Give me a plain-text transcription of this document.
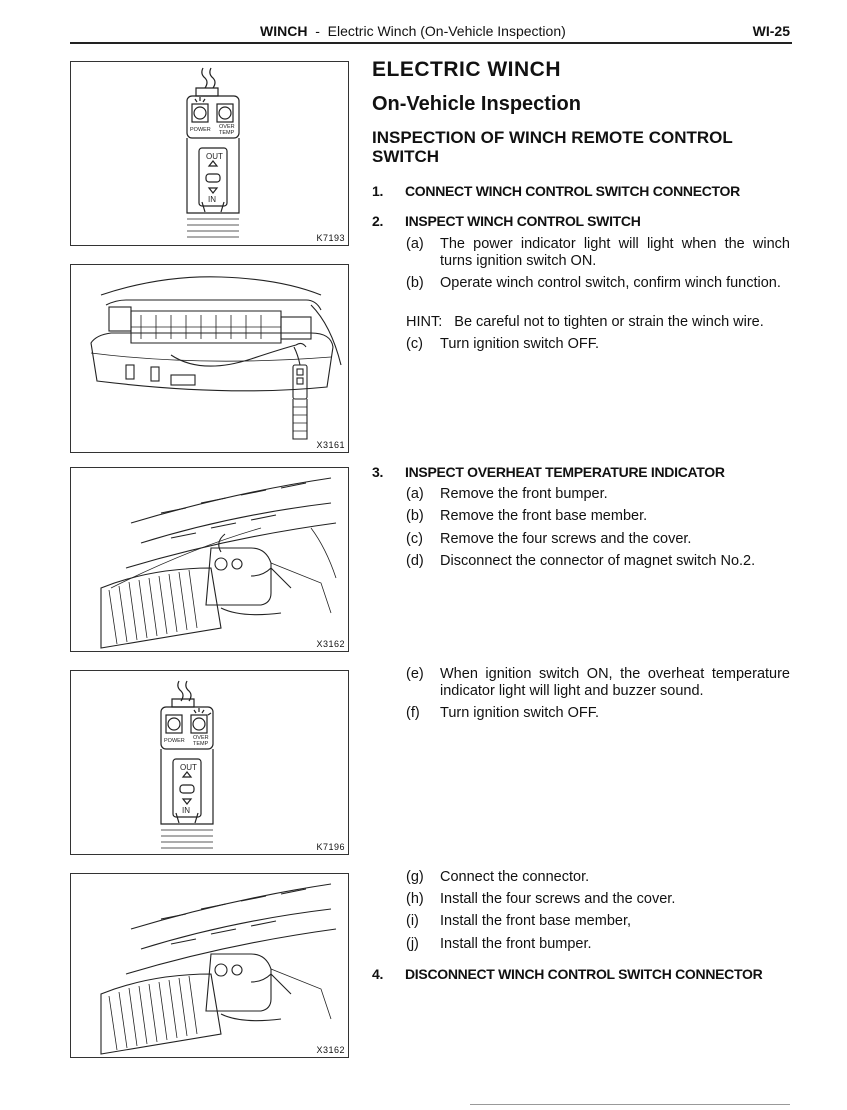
WINCH - Electric Winch (On-Vehicle Inspection)	WI-25
POWER OVER
TEMP
OUT
IN
K7193
X3161
X3162
POWER OVER
TEMP
OUT
IN
K7196
X3162
ELECTRIC WINCH
On-Vehicle Inspection
INSPECTION OF WINCH REMOTE CONTROL SWITCH
1. CONNECT WINCH CONTROL SWITCH CONNECTOR
2. INSPECT WINCH CONTROL SWITCH
(a) The power indicator light will light when the winch turns ignition switch ON.
(b) Operate winch control switch, confirm winch function.
HINT: Be careful not to tighten or strain the winch wire.
(c) Turn ignition switch OFF.
3. INSPECT OVERHEAT TEMPERATURE INDICATOR
(a) Remove the front bumper.
(b) Remove the front base member.
(c) Remove the four screws and the cover.
(d) Disconnect the connector of magnet switch No.2.
(e) When ignition switch ON, the overheat temperature indicator light will light and buzzer sound.
(f) Turn ignition switch OFF.
(g) Connect the connector.
(h) Install the four screws and the cover.
(i) Install the front base member,
(j) Install the front bumper.
4. DISCONNECT WINCH CONTROL SWITCH CONNECTOR
